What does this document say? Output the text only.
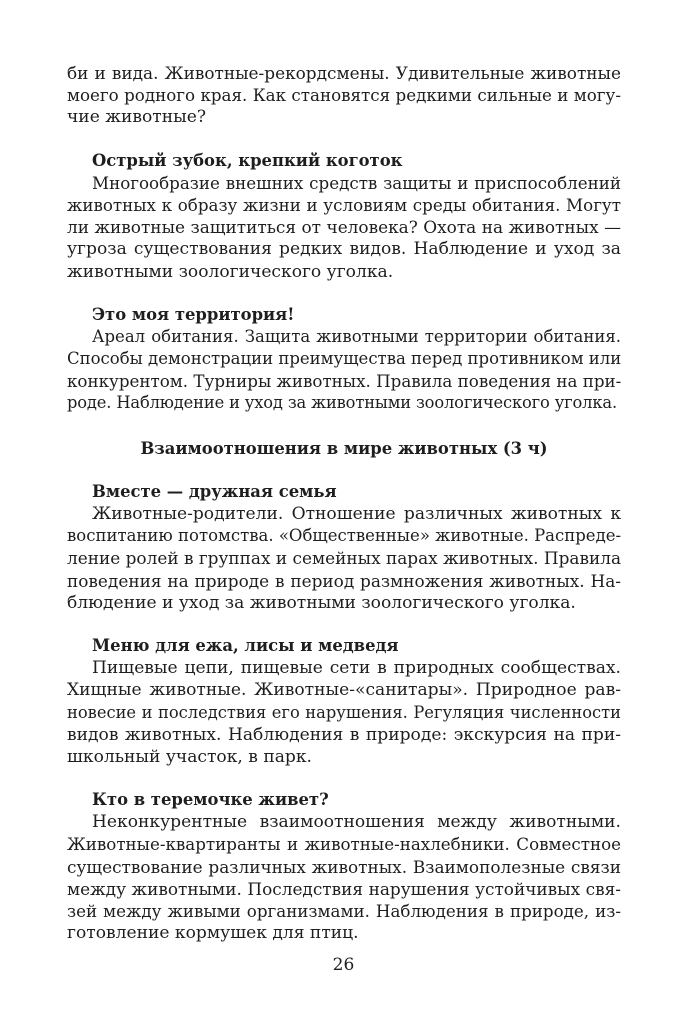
би и вида. Животные-рекордсмены. Удивительные животные
моего родного края. Как становятся редкими сильные и могу-
чие животные?
Острый зубок, крепкий коготок
Многообразие внешних средств защиты и приспособлений
животных к образу жизни и условиям среды обитания. Могут
ли животные защититься от человека? Охота на животных —
угроза существования редких видов. Наблюдение и уход за
животными зоологического уголка.
Это моя территория!
Ареал обитания. Защита животными территории обитания.
Способы демонстрации преимущества перед противником или
конкурентом. Турниры животных. Правила поведения на при-
роде. Наблюдение и уход за животными зоологического уголка.
Взаимоотношения в мире животных (3 ч)
Вместе — дружная семья
Животные-родители. Отношение различных животных к
воспитанию потомства. «Общественные» животные. Распреде-
ление ролей в группах и семейных парах животных. Правила
поведения на природе в период размножения животных. На-
блюдение и уход за животными зоологического уголка.
Меню для ежа, лисы и медведя
Пищевые цепи, пищевые сети в природных сообществах.
Хищные животные. Животные-«санитары». Природное рав-
новесие и последствия его нарушения. Регуляция численности
видов животных. Наблюдения в природе: экскурсия на при-
школьный участок, в парк.
Кто в теремочке живет?
Неконкурентные взаимоотношения между животными.
Животные-квартиранты и животные-нахлебники. Совместное
существование различных животных. Взаимополезные связи
между животными. Последствия нарушения устойчивых свя-
зей между живыми организмами. Наблюдения в природе, из-
готовление кормушек для птиц.
26
